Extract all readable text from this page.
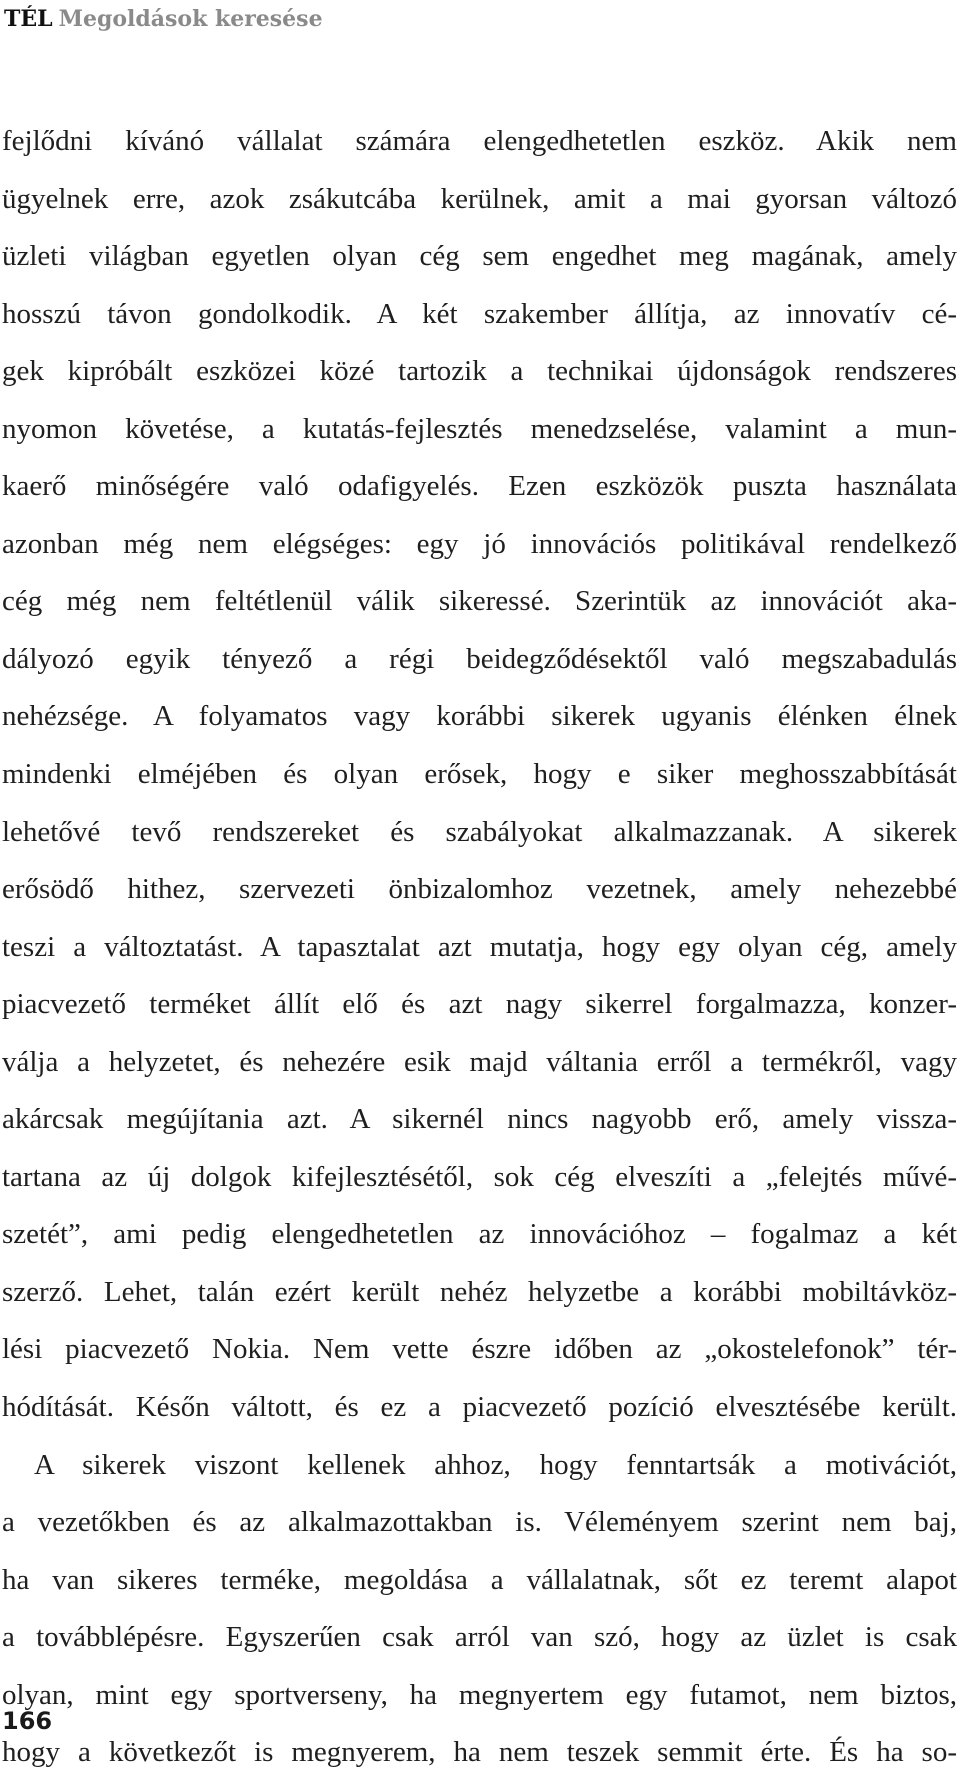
TÉL Megoldások keresése
fejlődni kívánó vállalat számára elengedhetetlen eszköz. Akik nem
ügyelnek erre, azok zsákutcába kerülnek, amit a mai gyorsan változó
üzleti világban egyetlen olyan cég sem engedhet meg magának, amely
hosszú távon gondolkodik. A két szakember állítja, az innovatív cé-
gek kipróbált eszközei közé tartozik a technikai újdonságok rendszeres
nyomon követése, a kutatás-fejlesztés menedzselése, valamint a mun-
kaerő minőségére való odafigyelés. Ezen eszközök puszta használata
azonban még nem elégséges: egy jó innovációs politikával rendelkező
cég még nem feltétlenül válik sikeressé. Szerintük az innovációt aka-
dályozó egyik tényező a régi beidegződésektől való megszabadulás
nehézsége. A folyamatos vagy korábbi sikerek ugyanis élénken élnek
mindenki elméjében és olyan erősek, hogy e siker meghosszabbítását
lehetővé tevő rendszereket és szabályokat alkalmazzanak. A sikerek
erősödő hithez, szervezeti önbizalomhoz vezetnek, amely nehezebbé
teszi a változtatást. A tapasztalat azt mutatja, hogy egy olyan cég, amely
piacvezető terméket állít elő és azt nagy sikerrel forgalmazza, konzer-
válja a helyzetet, és nehezére esik majd váltania erről a termékről, vagy
akárcsak megújítania azt. A sikernél nincs nagyobb erő, amely vissza-
tartana az új dolgok kifejlesztésétől, sok cég elveszíti a „felejtés művé-
szetét”, ami pedig elengedhetetlen az innovációhoz – fogalmaz a két
szerző. Lehet, talán ezért került nehéz helyzetbe a korábbi mobiltávköz-
lési piacvezető Nokia. Nem vette észre időben az „okostelefonok” tér-
hódítását. Későn váltott, és ez a piacvezető pozíció elvesztésébe került.
A sikerek viszont kellenek ahhoz, hogy fenntartsák a motivációt,
a vezetőkben és az alkalmazottakban is. Véleményem szerint nem baj,
ha van sikeres terméke, megoldása a vállalatnak, sőt ez teremt alapot
a továbblépésre. Egyszerűen csak arról van szó, hogy az üzlet is csak
olyan, mint egy sportverseny, ha megnyertem egy futamot, nem biztos,
hogy a következőt is megnyerem, ha nem teszek semmit érte. És ha so-
166
